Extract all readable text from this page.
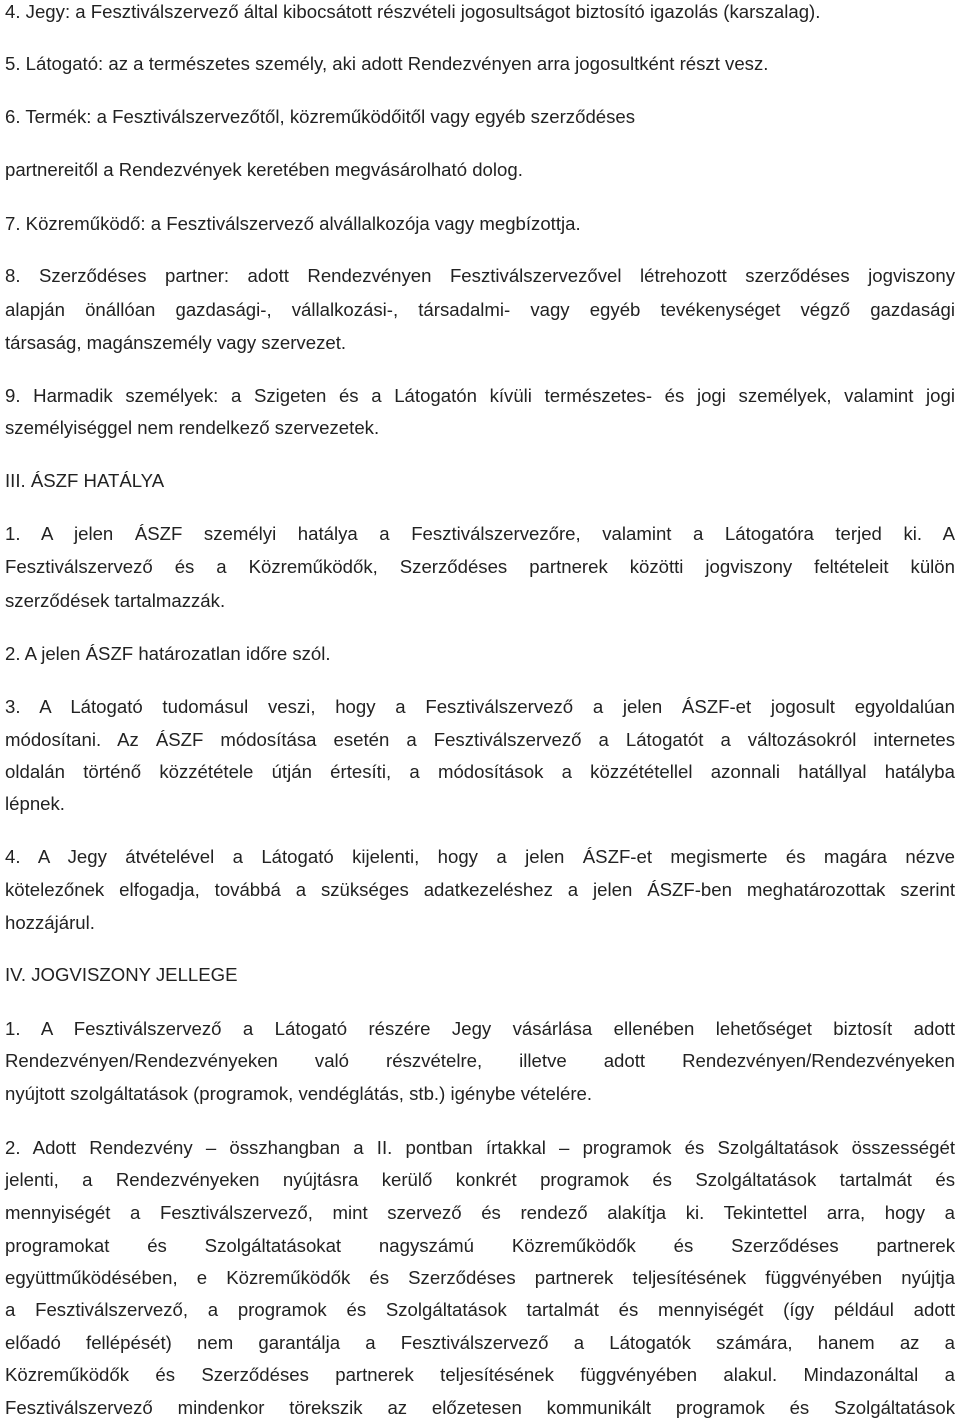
4. Jegy: a Fesztiválszervező által kibocsátott részvételi jogosultságot biztosító igazolás (karszalag).
5. Látogató: az a természetes személy, aki adott Rendezvényen arra jogosultként részt vesz.
6. Termék: a Fesztiválszervezőtől, közreműködőitől vagy egyéb szerződéses
partnereitől a Rendezvények keretében megvásárolható dolog.
7. Közreműködő: a Fesztiválszervező alvállalkozója vagy megbízottja.
8. Szerződéses partner: adott Rendezvényen Fesztiválszervezővel létrehozott szerződéses jogviszony
alapján önállóan gazdasági-, vállalkozási-, társadalmi- vagy egyéb tevékenységet végző gazdasági
társaság, magánszemély vagy szervezet.
9. Harmadik személyek: a Szigeten és a Látogatón kívüli természetes- és jogi személyek, valamint jogi
személyiséggel nem rendelkező szervezetek.
III. ÁSZF HATÁLYA
1. A jelen ÁSZF személyi hatálya a Fesztiválszervezőre, valamint a Látogatóra terjed ki. A
Fesztiválszervező és a Közreműködők, Szerződéses partnerek közötti jogviszony feltételeit külön
szerződések tartalmazzák.
2. A jelen ÁSZF határozatlan időre szól.
3. A Látogató tudomásul veszi, hogy a Fesztiválszervező a jelen ÁSZF-et jogosult egyoldalúan
módosítani. Az ÁSZF módosítása esetén a Fesztiválszervező a Látogatót a változásokról internetes
oldalán történő közzététele útján értesíti, a módosítások a közzététellel azonnali hatállyal hatályba
lépnek.
4. A Jegy átvételével a Látogató kijelenti, hogy a jelen ÁSZF-et megismerte és magára nézve
kötelezőnek elfogadja, továbbá a szükséges adatkezeléshez a jelen ÁSZF-ben meghatározottak szerint
hozzájárul.
IV. JOGVISZONY JELLEGE
1. A Fesztiválszervező a Látogató részére Jegy vásárlása ellenében lehetőséget biztosít adott
Rendezvényen/Rendezvényeken való részvételre, illetve adott Rendezvényen/Rendezvényeken
nyújtott szolgáltatások (programok, vendéglátás, stb.) igénybe vételére.
2. Adott Rendezvény – összhangban a II. pontban írtakkal – programok és Szolgáltatások összességét
jelenti, a Rendezvényeken nyújtásra kerülő konkrét programok és Szolgáltatások tartalmát és
mennyiségét a Fesztiválszervező, mint szervező és rendező alakítja ki. Tekintettel arra, hogy a
programokat és Szolgáltatásokat nagyszámú Közreműködők és Szerződéses partnerek
együttműködésében, e Közreműködők és Szerződéses partnerek teljesítésének függvényében nyújtja
a Fesztiválszervező, a programok és Szolgáltatások tartalmát és mennyiségét (így például adott
előadó fellépését) nem garantálja a Fesztiválszervező a Látogatók számára, hanem az a
Közreműködők és Szerződéses partnerek teljesítésének függvényében alakul. Mindazonáltal a
Fesztiválszervező mindenkor törekszik az előzetesen kommunikált programok és Szolgáltatások
